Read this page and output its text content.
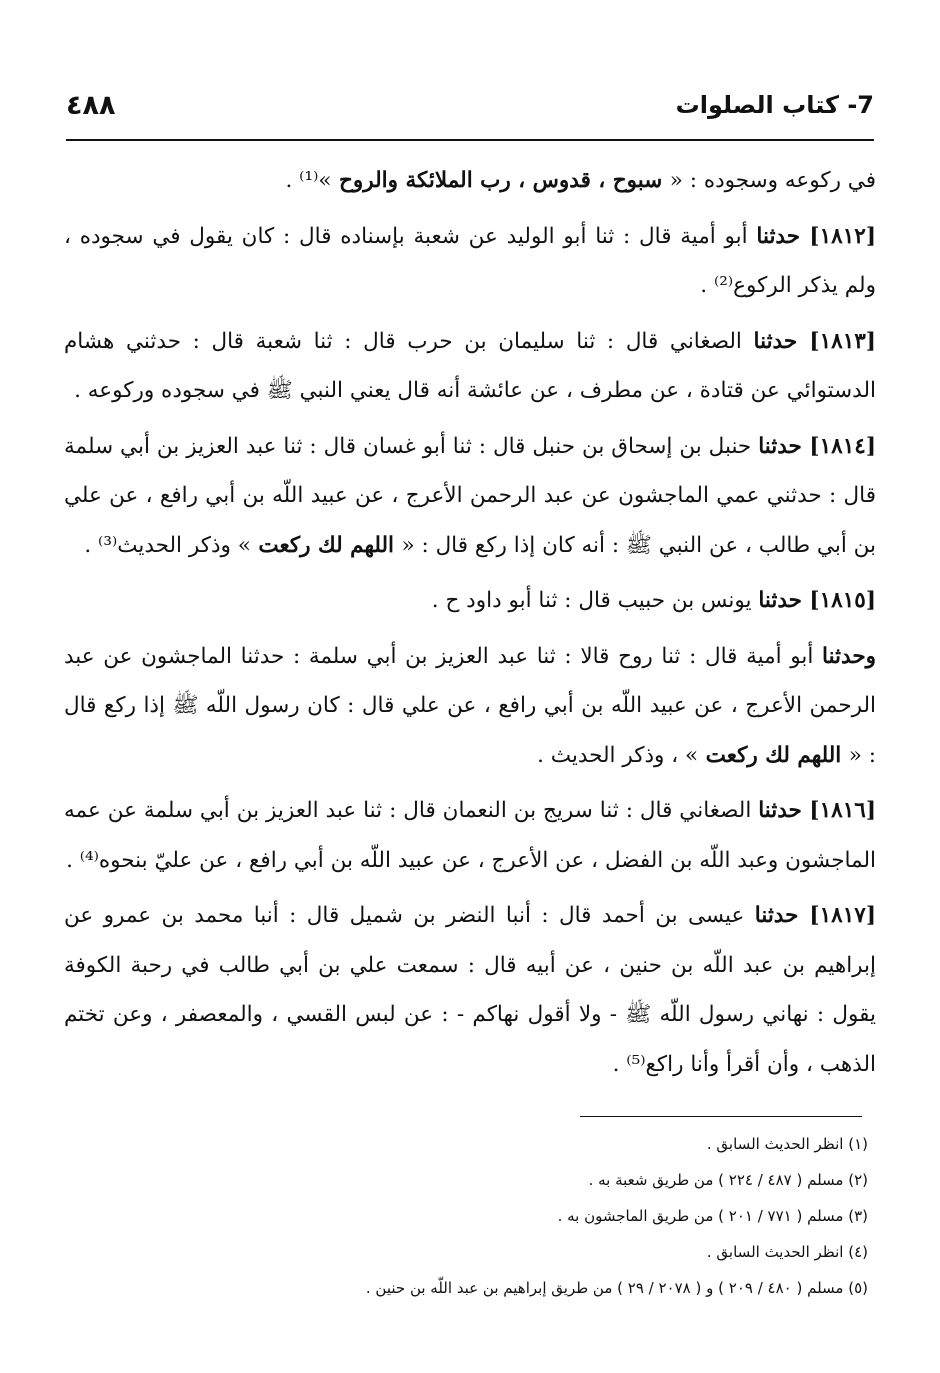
٤٨٨	7- كتاب الصلوات

في ركوعه وسجوده : « سبوح ، قدوس ، رب الملائكة والروح »⁽¹⁾ .

[١٨١٢] حدثنا أبو أمية قال : ثنا أبو الوليد عن شعبة بإسناده قال : كان يقول في سجوده ، ولم يذكر الركوع⁽²⁾ .

[١٨١٣] حدثنا الصغاني قال : ثنا سليمان بن حرب قال : ثنا شعبة قال : حدثني هشام الدستوائي عن قتادة ، عن مطرف ، عن عائشة أنه قال يعني النبي ﷺ في سجوده وركوعه .

[١٨١٤] حدثنا حنبل بن إسحاق بن حنبل قال : ثنا أبو غسان قال : ثنا عبد العزيز بن أبي سلمة قال : حدثني عمي الماجشون عن عبد الرحمن الأعرج ، عن عبيد اللّه بن أبي رافع ، عن علي بن أبي طالب ، عن النبي ﷺ : أنه كان إذا ركع قال : « اللهم لك ركعت » وذكر الحديث⁽³⁾ .

[١٨١٥] حدثنا يونس بن حبيب قال : ثنا أبو داود ح .

وحدثنا أبو أمية قال : ثنا روح قالا : ثنا عبد العزيز بن أبي سلمة : حدثنا الماجشون عن عبد الرحمن الأعرج ، عن عبيد اللّه بن أبي رافع ، عن علي قال : كان رسول اللّه ﷺ إذا ركع قال : « اللهم لك ركعت » ، وذكر الحديث .

[١٨١٦] حدثنا الصغاني قال : ثنا سريج بن النعمان قال : ثنا عبد العزيز بن أبي سلمة عن عمه الماجشون وعبد اللّه بن الفضل ، عن الأعرج ، عن عبيد اللّه بن أبي رافع ، عن عليّ بنحوه⁽⁴⁾ .

[١٨١٧] حدثنا عيسى بن أحمد قال : أنبا النضر بن شميل قال : أنبا محمد بن عمرو عن إبراهيم بن عبد اللّه بن حنين ، عن أبيه قال : سمعت علي بن أبي طالب في رحبة الكوفة يقول : نهاني رسول اللّه ﷺ - ولا أقول نهاكم - : عن لبس القسي ، والمعصفر ، وعن تختم الذهب ، وأن أقرأ وأنا راكع⁽⁵⁾ .

(١) انظر الحديث السابق .

(٢) مسلم ( ٤٨٧ / ٢٢٤ ) من طريق شعبة به .

(٣) مسلم ( ٧٧١ / ٢٠١ ) من طريق الماجشون به .

(٤) انظر الحديث السابق .

(٥) مسلم ( ٤٨٠ / ٢٠٩ ) و ( ٢٠٧٨ / ٢٩ ) من طريق إبراهيم بن عبد اللّه بن حنين .
